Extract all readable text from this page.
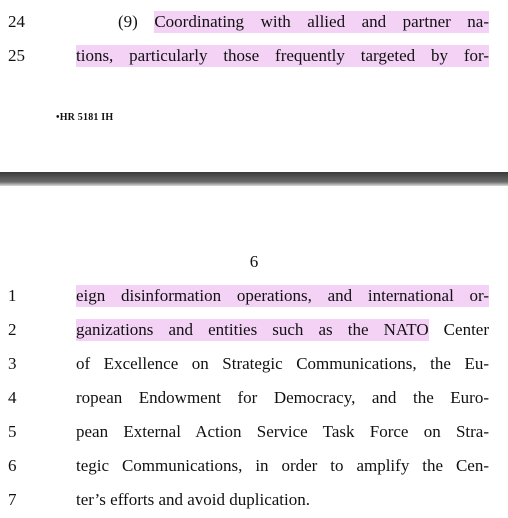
24	(9) Coordinating with allied and partner na-
25	tions, particularly those frequently targeted by for-
•HR 5181 IH
6
1	eign disinformation operations, and international or-
2	ganizations and entities such as the NATO Center
3	of Excellence on Strategic Communications, the Eu-
4	ropean Endowment for Democracy, and the Euro-
5	pean External Action Service Task Force on Stra-
6	tegic Communications, in order to amplify the Cen-
7	ter’s efforts and avoid duplication.
